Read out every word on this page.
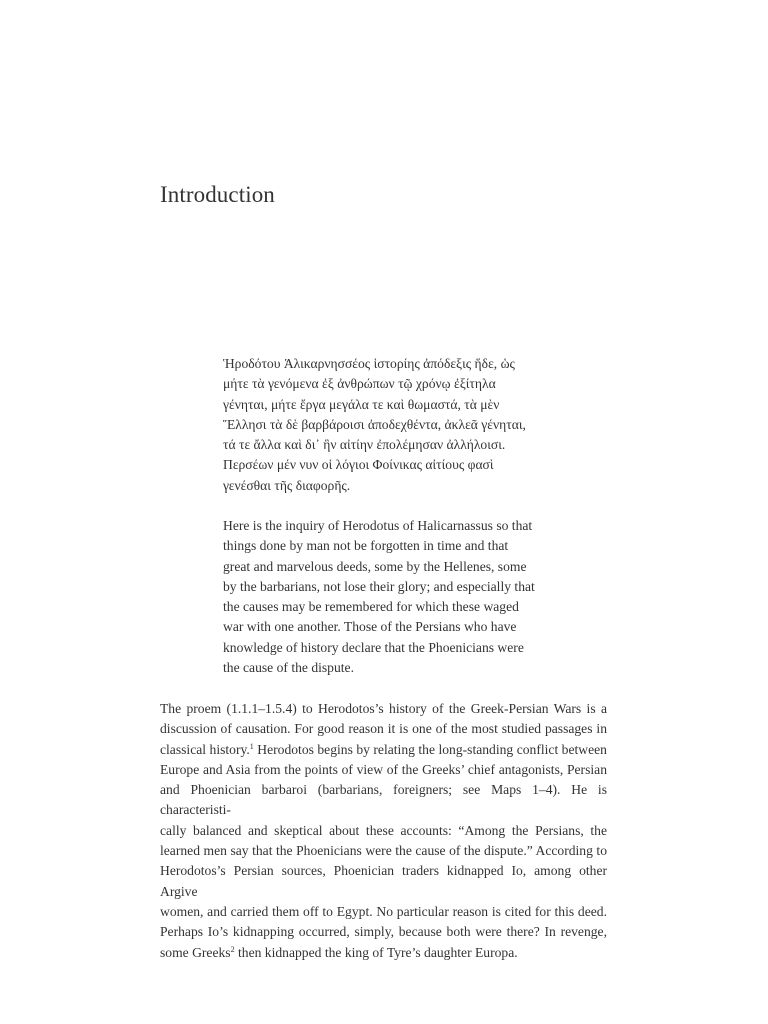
Introduction

Ἡροδότου Ἁλικαρνησσέος ἱστορίης ἀπόδεξις ἥδε, ὡς
μήτε τὰ γενόμενα ἐξ ἀνθρώπων τῷ χρόνῳ ἐξίτηλα
γένηται, μήτε ἔργα μεγάλα τε καὶ θωμαστά, τὰ μὲν
Ἕλλησι τὰ δὲ βαρβάροισι ἀποδεχθέντα, ἀκλεᾶ γένηται,
τά τε ἄλλα καὶ δι᾽ ἣν αἰτίην ἐπολέμησαν ἀλλήλοισι.
Περσέων μέν νυν οἱ λόγιοι Φοίνικας αἰτίους φασὶ
γενέσθαι τῆς διαφορῆς.

Here is the inquiry of Herodotus of Halicarnassus so that
things done by man not be forgotten in time and that
great and marvelous deeds, some by the Hellenes, some
by the barbarians, not lose their glory; and especially that
the causes may be remembered for which these waged
war with one another. Those of the Persians who have
knowledge of history declare that the Phoenicians were
the cause of the dispute.

The proem (1.1.1–1.5.4) to Herodotos’s history of the Greek-Persian Wars is a
discussion of causation. For good reason it is one of the most studied passages in
classical history.$^1$ Herodotos begins by relating the long-standing conflict between
Europe and Asia from the points of view of the Greeks’ chief antagonists, Persian
and Phoenician barbaroi (barbarians, foreigners; see Maps 1–4). He is characteristi-
cally balanced and skeptical about these accounts: “Among the Persians, the
learned men say that the Phoenicians were the cause of the dispute.” According to
Herodotos’s Persian sources, Phoenician traders kidnapped Io, among other Argive
women, and carried them off to Egypt. No particular reason is cited for this deed.
Perhaps Io’s kidnapping occurred, simply, because both were there? In revenge,
some Greeks$^2$ then kidnapped the king of Tyre’s daughter Europa.
